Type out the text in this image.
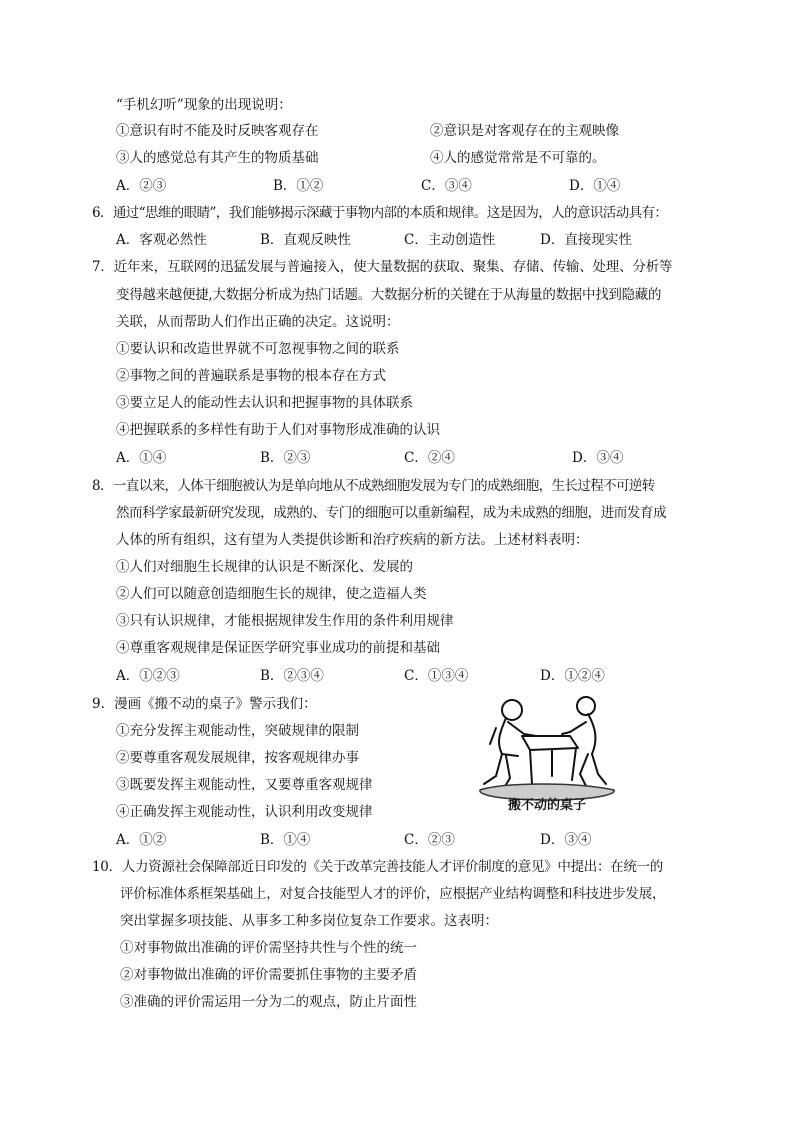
“手机幻听”现象的出现说明：
①意识有时不能及时反映客观存在	②意识是对客观存在的主观映像
③人的感觉总有其产生的物质基础	④人的感觉常常是不可靠的。
A．②③	B．①②	C．③④	D．①④
6．通过“思维的眼睛”，我们能够揭示深藏于事物内部的本质和规律。这是因为，人的意识活动具有：
A．客观必然性	B．直观反映性	C．主动创造性	D．直接现实性
7．近年来，互联网的迅猛发展与普遍接入，使大量数据的获取、聚集、存储、传输、处理、分析等
变得越来越便捷,大数据分析成为热门话题。大数据分析的关键在于从海量的数据中找到隐藏的
关联，从而帮助人们作出正确的决定。这说明：
①要认识和改造世界就不可忽视事物之间的联系
②事物之间的普遍联系是事物的根本存在方式
③要立足人的能动性去认识和把握事物的具体联系
④把握联系的多样性有助于人们对事物形成准确的认识
A．①④	B．②③	C．②④	D．③④
8．一直以来，人体干细胞被认为是单向地从不成熟细胞发展为专门的成熟细胞，生长过程不可逆转
然而科学家最新研究发现，成熟的、专门的细胞可以重新编程，成为未成熟的细胞，进而发育成
人体的所有组织，这有望为人类提供诊断和治疗疾病的新方法。上述材料表明：
①人们对细胞生长规律的认识是不断深化、发展的
②人们可以随意创造细胞生长的规律，使之造福人类
③只有认识规律，才能根据规律发生作用的条件利用规律
④尊重客观规律是保证医学研究事业成功的前提和基础
A．①②③	B．②③④	C．①③④	D．①②④
9．漫画《搬不动的桌子》警示我们：
①充分发挥主观能动性，突破规律的限制
②要尊重客观发展规律，按客观规律办事
③既要发挥主观能动性，又要尊重客观规律
④正确发挥主观能动性，认识利用改变规律
A．①②	B．①④	C．②③	D．③④
搬不动的桌子
10．人力资源社会保障部近日印发的《关于改革完善技能人才评价制度的意见》中提出：在统一的
评价标准体系框架基础上，对复合技能型人才的评价，应根据产业结构调整和科技进步发展，
突出掌握多项技能、从事多工种多岗位复杂工作要求。这表明：
①对事物做出准确的评价需坚持共性与个性的统一
②对事物做出准确的评价需要抓住事物的主要矛盾
③准确的评价需运用一分为二的观点，防止片面性
